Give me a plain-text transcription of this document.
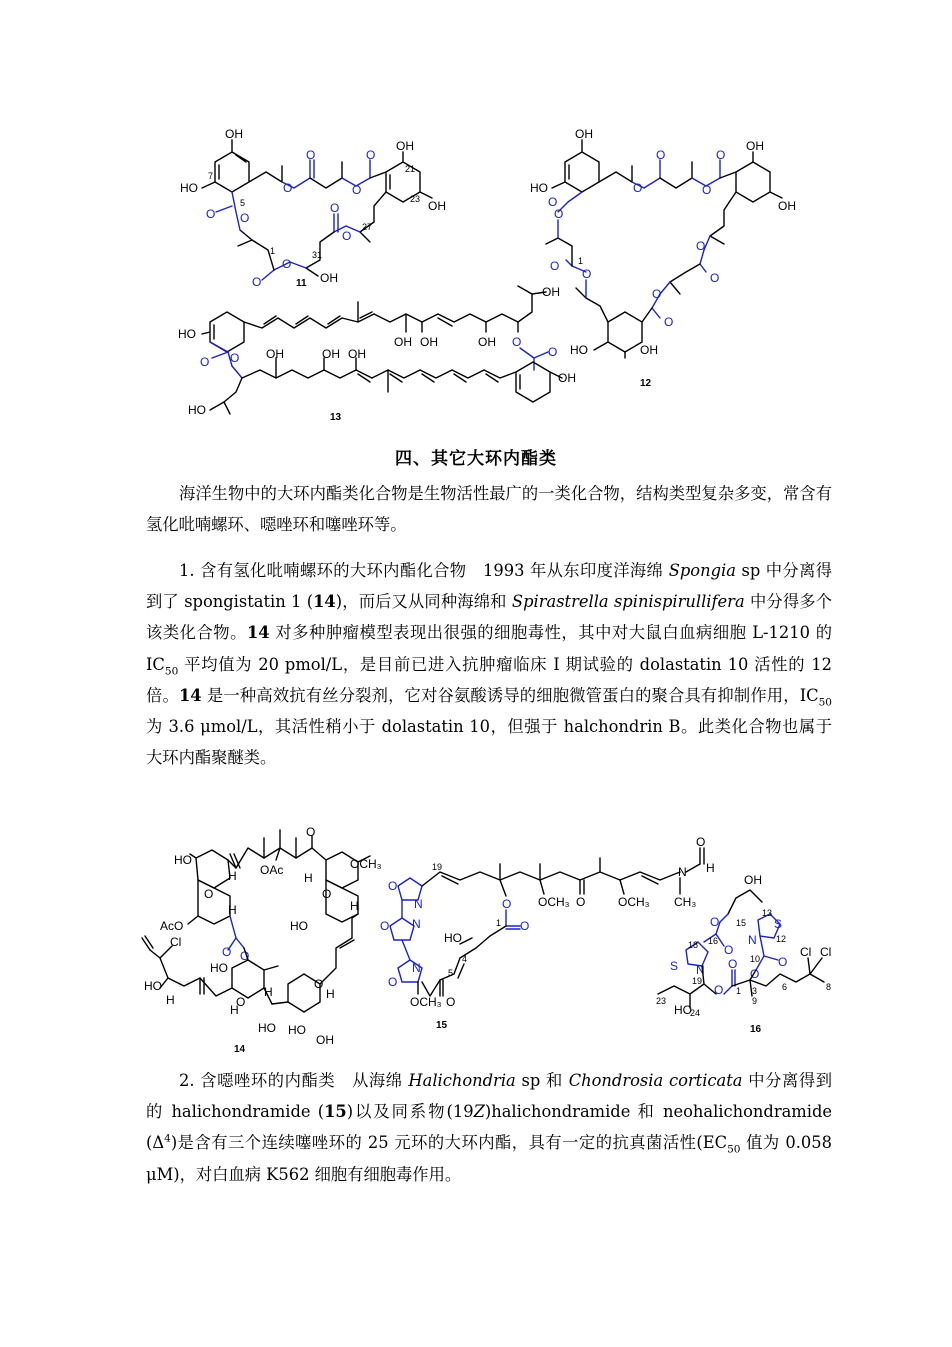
OH
HO
7
O
O
O
O
OH
21
OH
23
27
O
O
31
OH
O
O
1
O
5
O
11
OH
HO	O
O
O
O
OH
OH
O
O
O
O
HO	OH
O
O 1
O
O
12
HO
OH OH	OH O
OH
O
OH
OH
OH
OH
O
O
HO
13
四、其它大环内酯类

海洋生物中的大环内酯类化合物是生物活性最广的一类化合物，结构类型复杂多变，常含有氢化吡喃螺环、噁唑环和噻唑环等。

1. 含有氢化吡喃螺环的大环内酯化合物　1993 年从东印度洋海绵 Spongia sp 中分离得到了 spongistatin 1 (14)，而后又从同种海绵和 Spirastrella spinispirullifera 中分得多个该类化合物。14 对多种肿瘤模型表现出很强的细胞毒性，其中对大鼠白血病细胞 L-1210 的 $IC_{50}$ 平均值为 20 pmol/L，是目前已进入抗肿瘤临床 I 期试验的 dolastatin 10 活性的 12 倍。14 是一种高效抗有丝分裂剂，它对谷氨酸诱导的细胞微管蛋白的聚合具有抑制作用，$IC_{50}$ 为 3.6 μmol/L，其活性稍小于 dolastatin 10，但强于 halchondrin B。此类化合物也属于大环内酯聚醚类。

OAc
O
HO
O
H
AcO
H
OCH₃
H
O
HO
H
O O
HO
O
H
H
Cl
HO
H
HO HO
O
H
OH
14
O
N
O N
N
O
19
O
OCH₃	OCH₃
N
O
H
CH₃
O
O
1
HO
4
5
O
OCH₃
15
OH
O 15 S
N
13
12
16
O
S N
18
19
O
10
O
O
O
1
9
3	6
Cl Cl
8
HO
23
24
16

2. 含噁唑环的内酯类　从海绵 Halichondria sp 和 Chondrosia corticata 中分离得到的 halichondramide (15)以及同系物(19Z)halichondramide 和 neohalichondramide $(\Delta^4)$是含有三个连续噻唑环的 25 元环的大环内酯，具有一定的抗真菌活性($EC_{50}$ 值为 0.058 μM)，对白血病 K562 细胞有细胞毒作用。
